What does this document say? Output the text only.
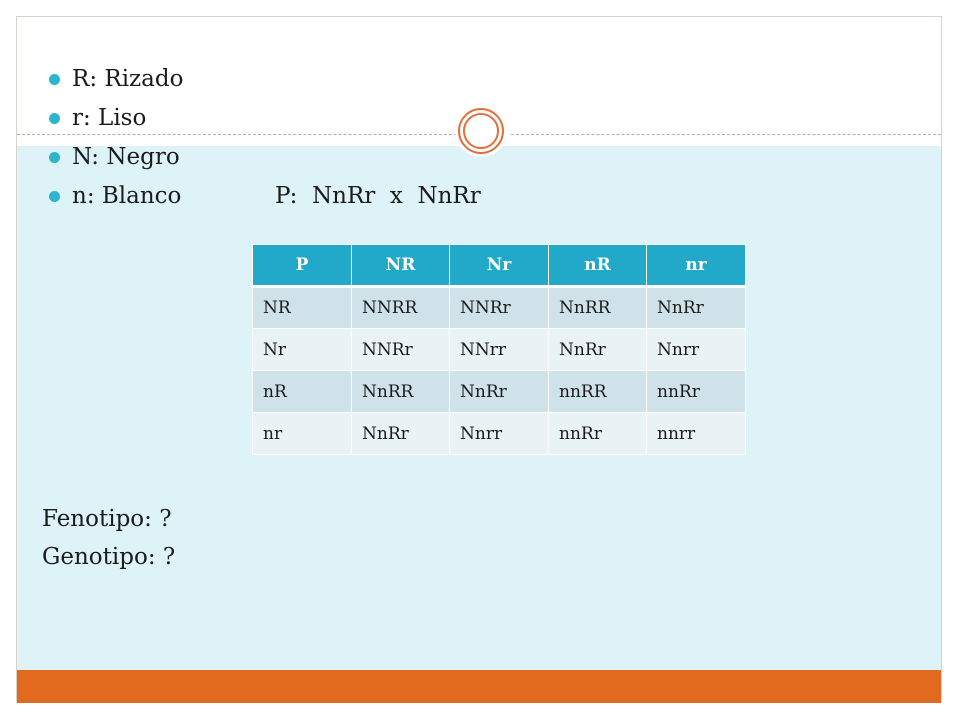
R: Rizado
r: Liso
N: Negro
n: Blanco	P:  NnRr  x  NnRr
P	NR	Nr	nR	nr
NR	NNRR	NNRr	NnRR	NnRr
Nr	NNRr	NNrr	NnRr	Nnrr
nR	NnRR	NnRr	nnRR	nnRr
nr	NnRr	Nnrr	nnRr	nnrr
Fenotipo: ?
Genotipo: ?
